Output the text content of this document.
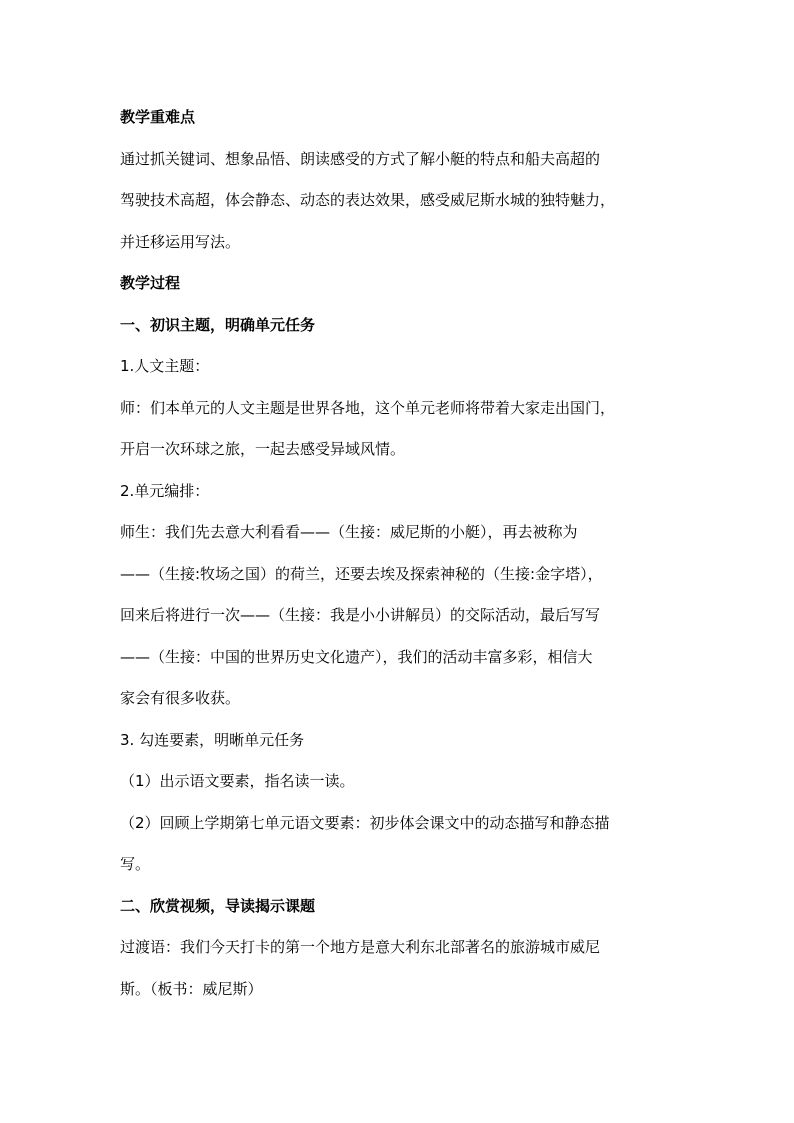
教学重难点
通过抓关键词、想象品悟、朗读感受的方式了解小艇的特点和船夫高超的
驾驶技术高超，体会静态、动态的表达效果，感受威尼斯水城的独特魅力，
并迁移运用写法。
教学过程
一、初识主题，明确单元任务
1.人文主题：
师：们本单元的人文主题是世界各地，这个单元老师将带着大家走出国门，
开启一次环球之旅，一起去感受异域风情。
2.单元编排：
师生：我们先去意大利看看——（生接：威尼斯的小艇），再去被称为
——（生接:牧场之国）的荷兰，还要去埃及探索神秘的（生接:金字塔），
回来后将进行一次——（生接：我是小小讲解员）的交际活动，最后写写
——（生接：中国的世界历史文化遗产），我们的活动丰富多彩，相信大
家会有很多收获。
3. 勾连要素，明晰单元任务
（1）出示语文要素，指名读一读。
（2）回顾上学期第七单元语文要素：初步体会课文中的动态描写和静态描
写。
二、欣赏视频，导读揭示课题
过渡语：我们今天打卡的第一个地方是意大利东北部著名的旅游城市威尼
斯。（板书：威尼斯）
